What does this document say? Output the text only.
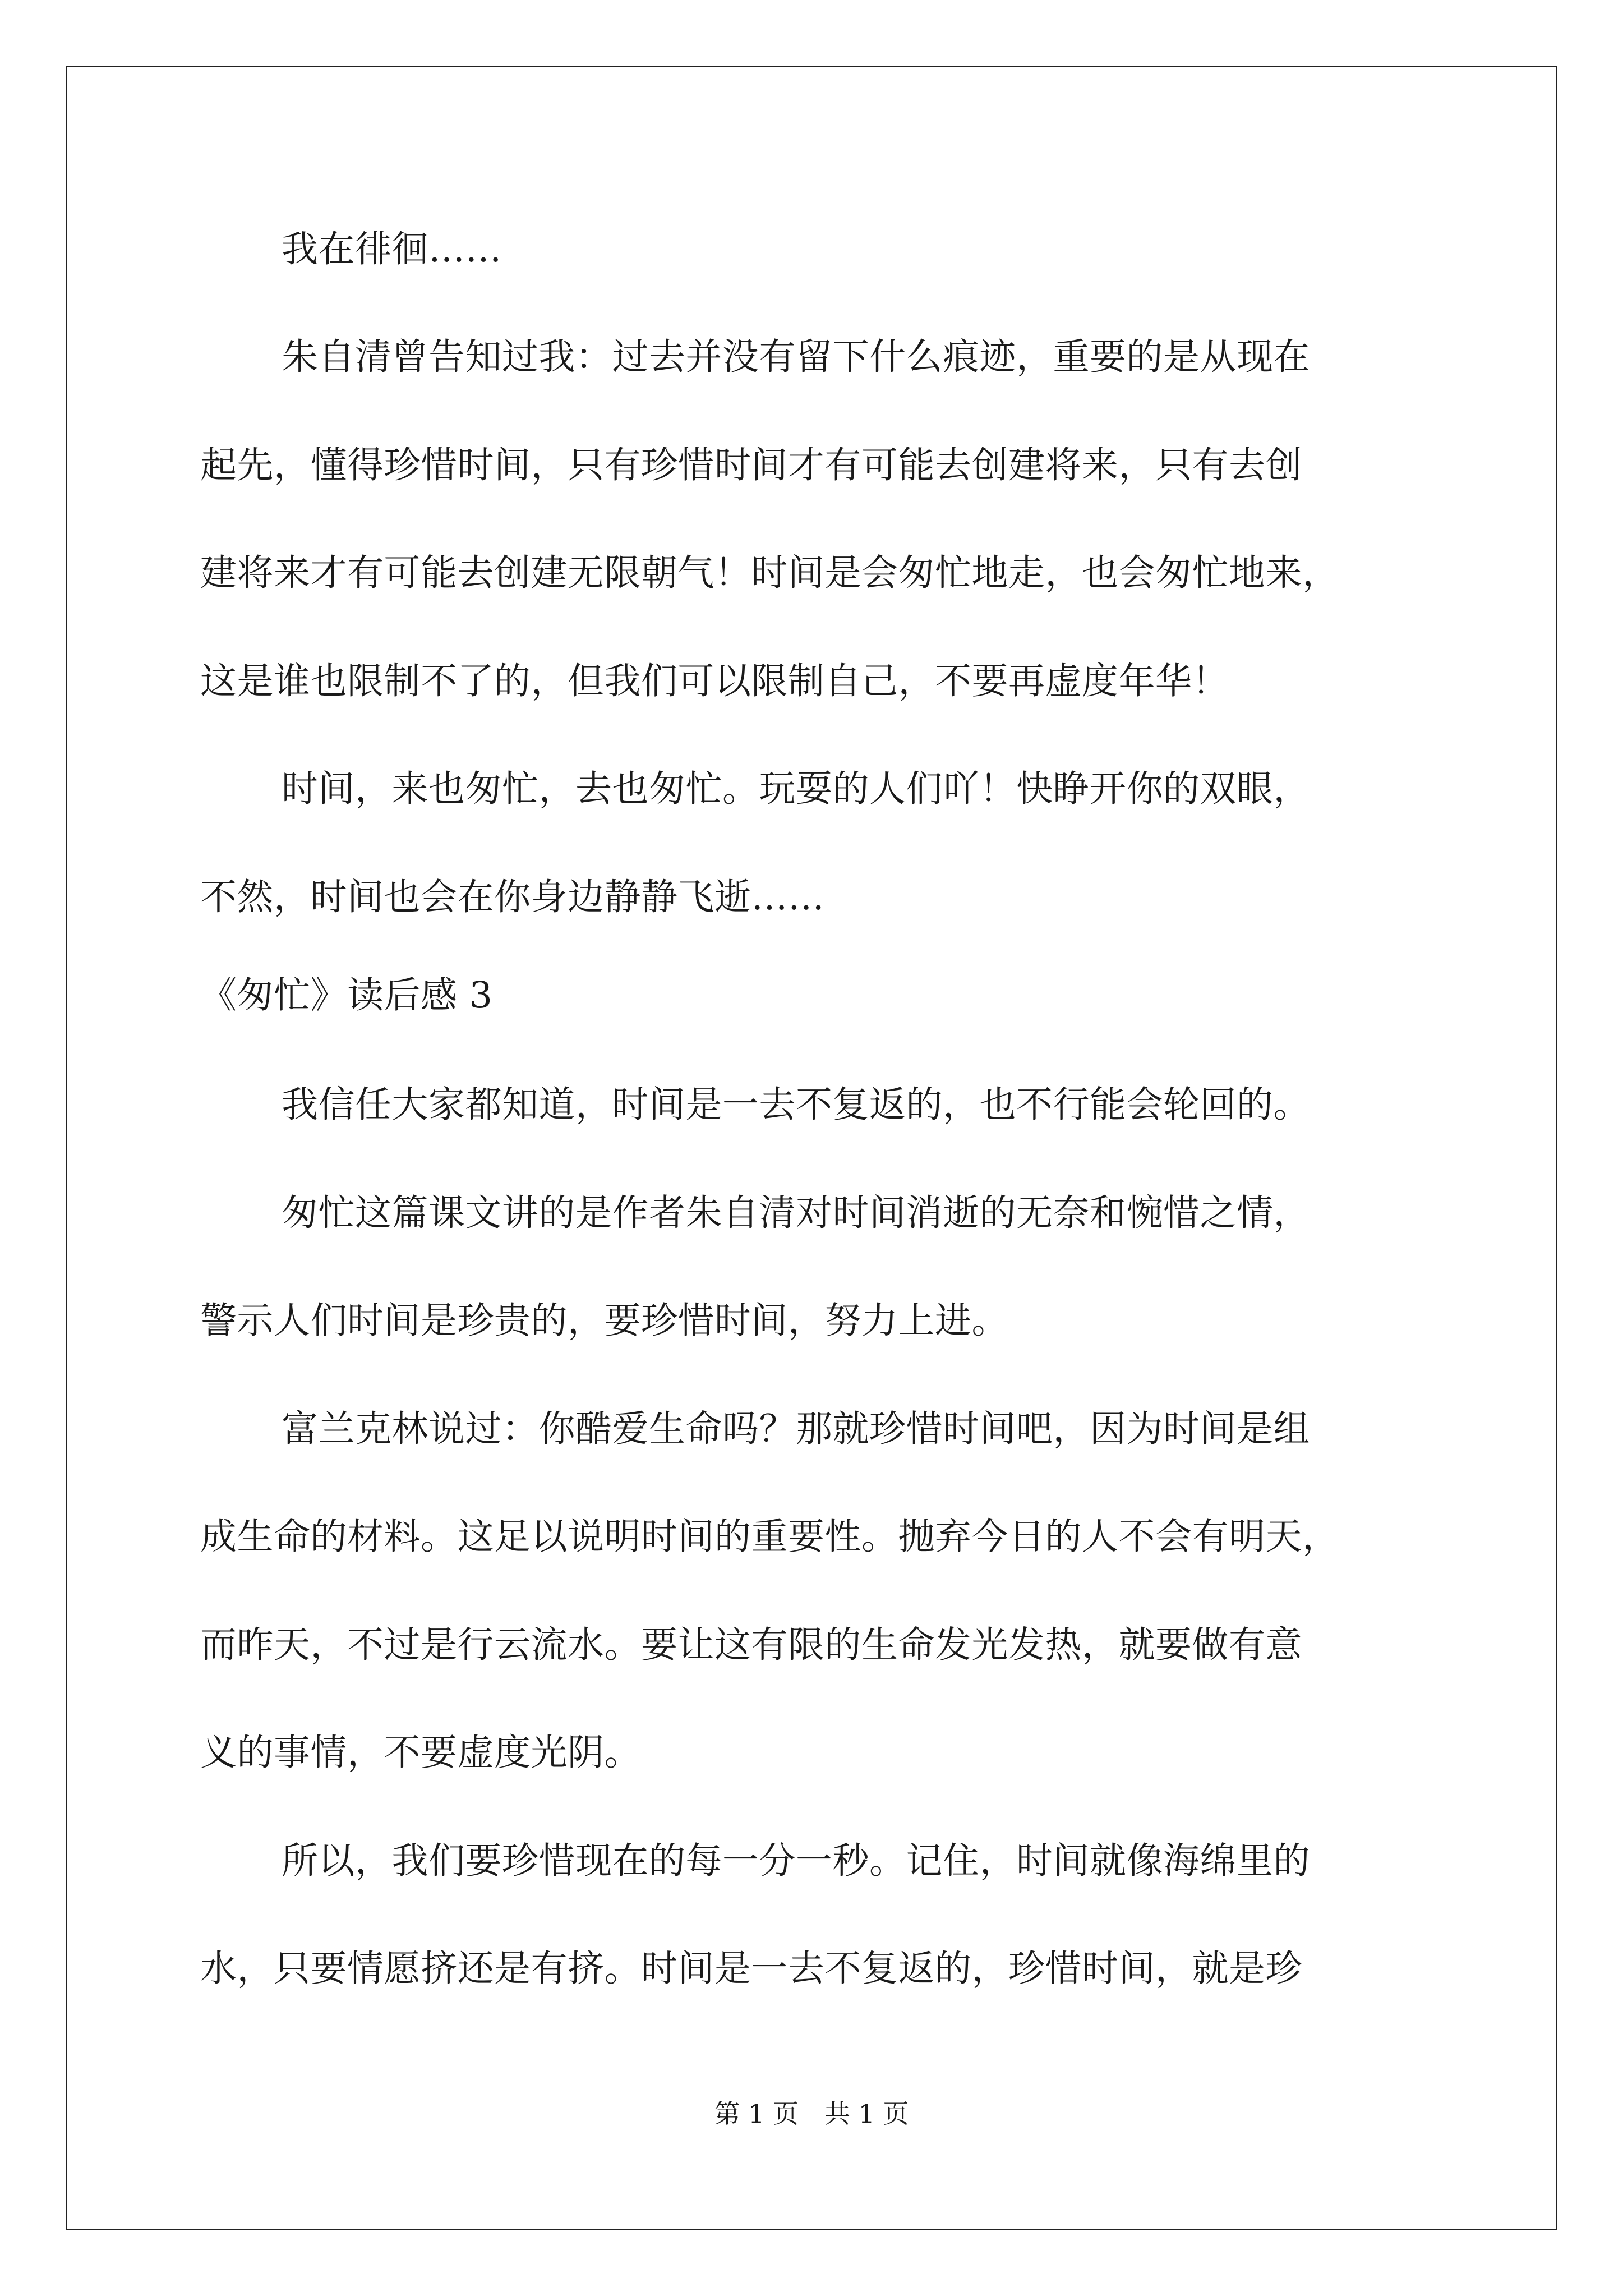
我在徘徊……
朱自清曾告知过我：过去并没有留下什么痕迹，重要的是从现在
起先，懂得珍惜时间，只有珍惜时间才有可能去创建将来，只有去创
建将来才有可能去创建无限朝气！时间是会匆忙地走，也会匆忙地来，
这是谁也限制不了的，但我们可以限制自己，不要再虚度年华！
时间，来也匆忙，去也匆忙。玩耍的人们吖！快睁开你的双眼，
不然，时间也会在你身边静静飞逝……
《匆忙》读后感 3
我信任大家都知道，时间是一去不复返的，也不行能会轮回的。
匆忙这篇课文讲的是作者朱自清对时间消逝的无奈和惋惜之情，
警示人们时间是珍贵的，要珍惜时间，努力上进。
富兰克林说过：你酷爱生命吗？那就珍惜时间吧，因为时间是组
成生命的材料。这足以说明时间的重要性。抛弃今日的人不会有明天，
而昨天，不过是行云流水。要让这有限的生命发光发热，就要做有意
义的事情，不要虚度光阴。
所以，我们要珍惜现在的每一分一秒。记住，时间就像海绵里的
水，只要情愿挤还是有挤。时间是一去不复返的，珍惜时间，就是珍
第 1 页　共 1 页
